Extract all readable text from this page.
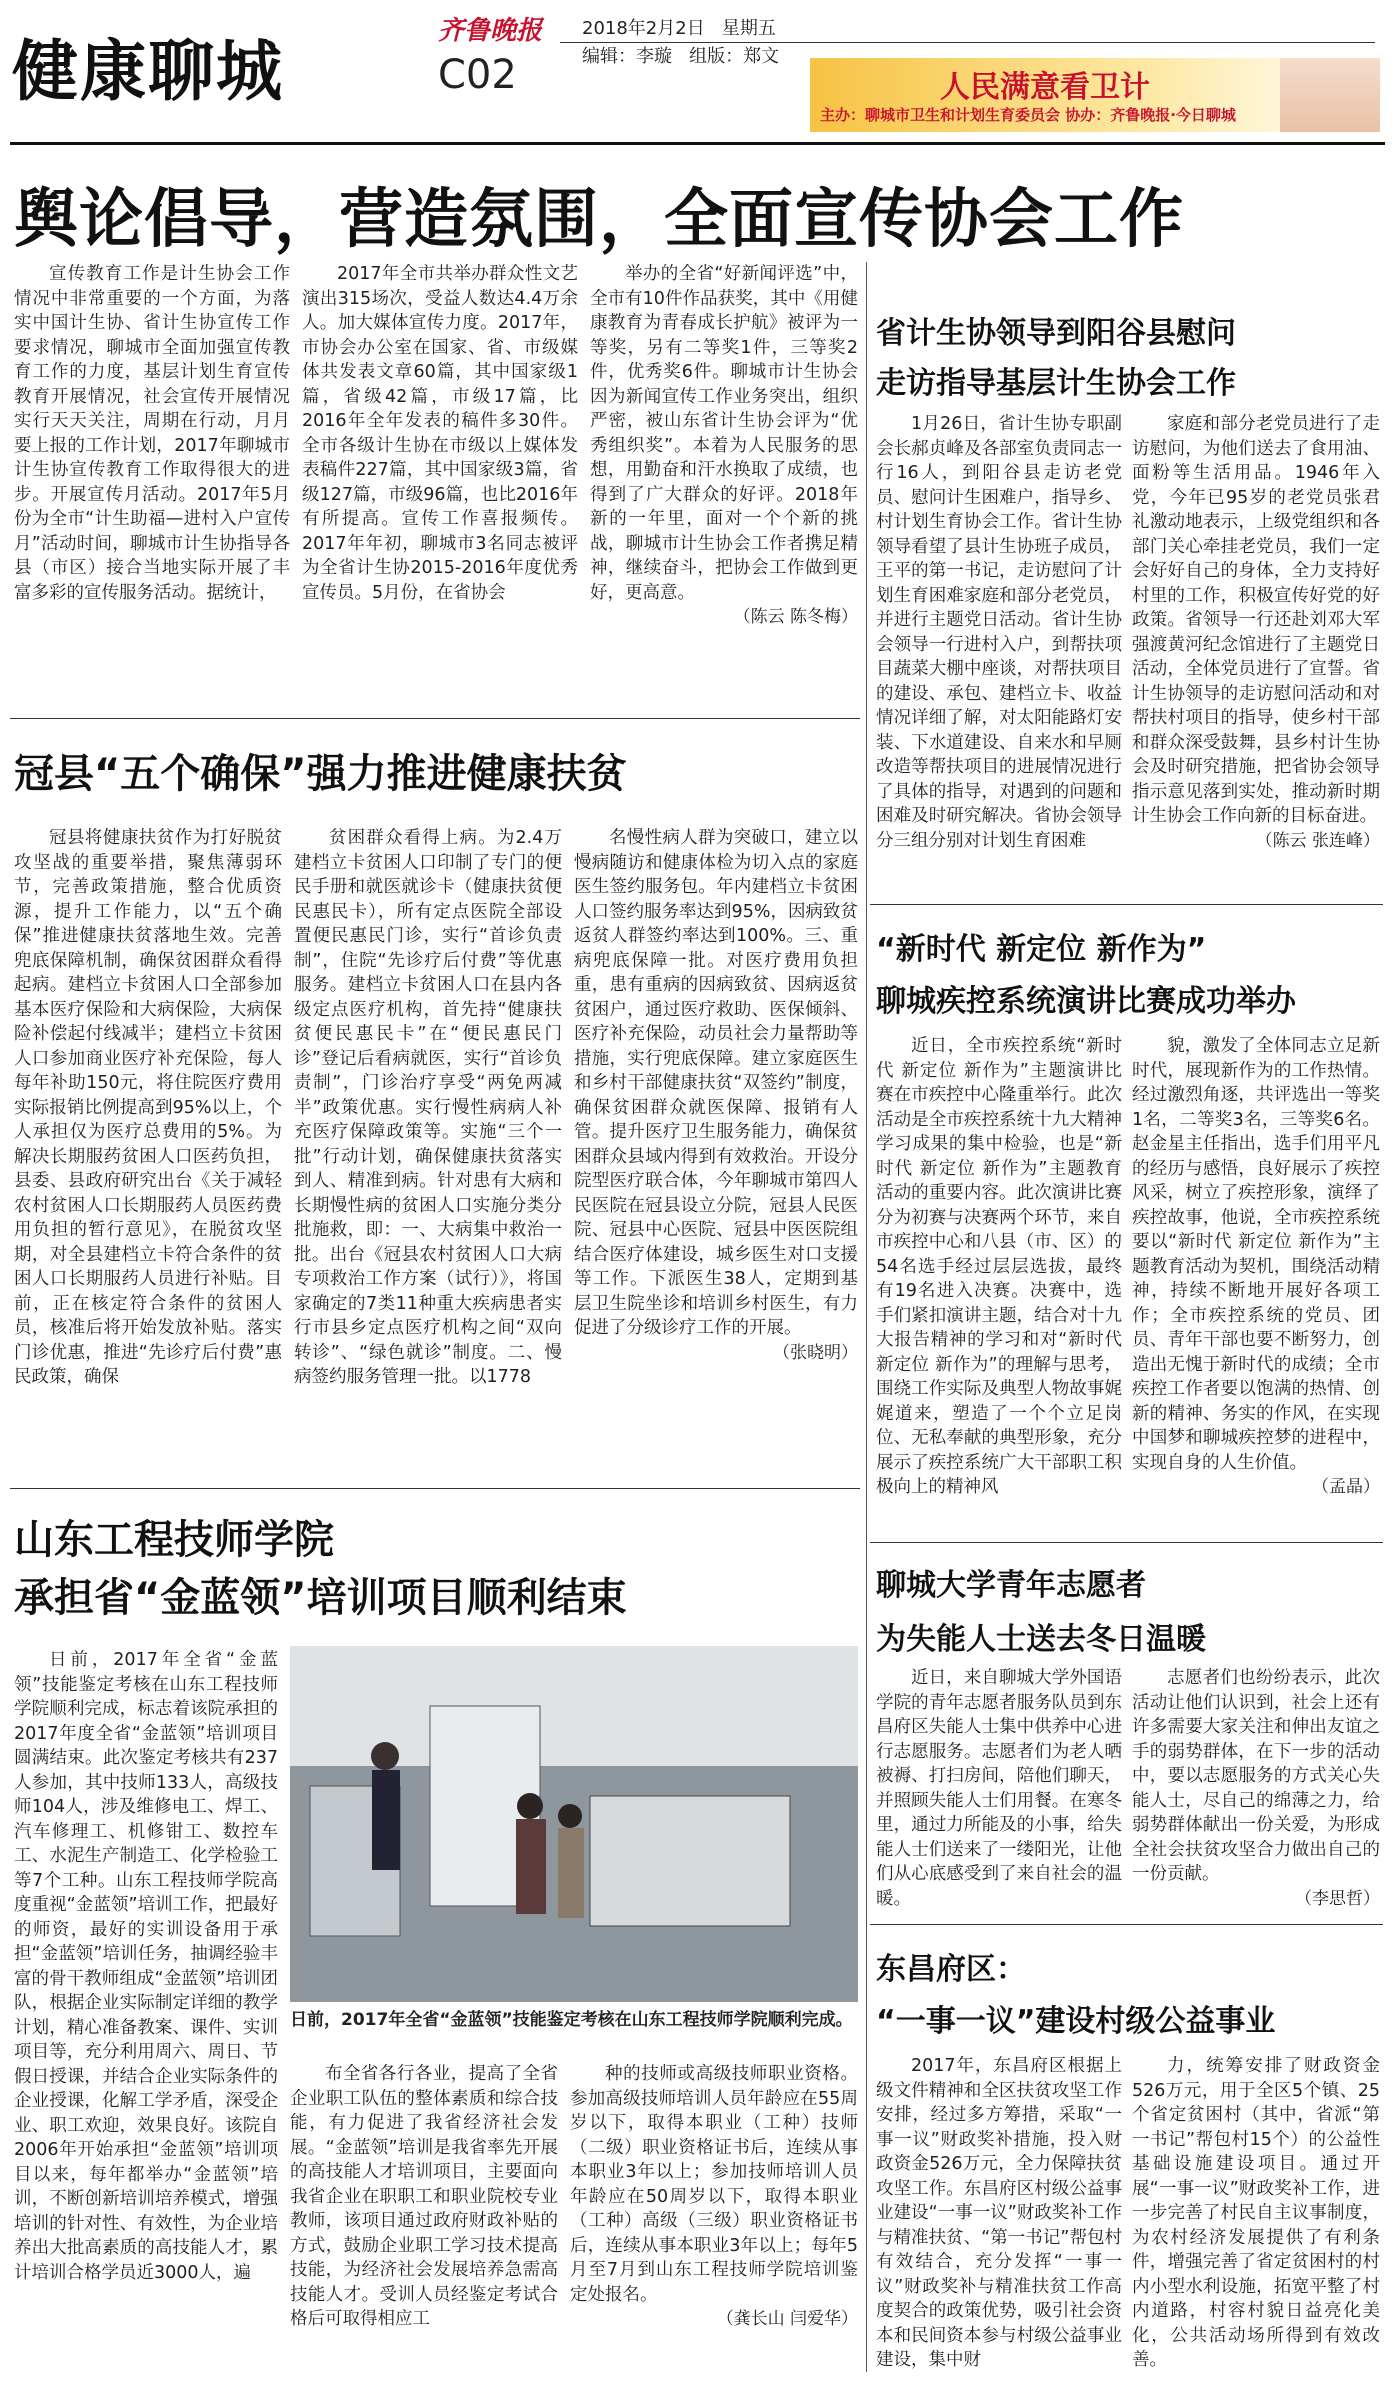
健康聊城
齐鲁晚报
C02
2018年2月2日 星期五
编辑：李璇 组版：郑文
人民满意看卫计
主办：聊城市卫生和计划生育委员会 协办：齐鲁晚报·今日聊城
舆论倡导，营造氛围，全面宣传协会工作

宣传教育工作是计生协会工作情况中非常重要的一个方面，为落实中国计生协、省计生协宣传工作要求情况，聊城市全面加强宣传教育工作的力度，基层计划生育宣传教育开展情况，社会宣传开展情况实行天天关注，周期在行动，月月要上报的工作计划，2017年聊城市计生协宣传教育工作取得很大的进步。开展宣传月活动。2017年5月份为全市“计生助福—进村入户宣传月”活动时间，聊城市计生协指导各县（市区）接合当地实际开展了丰富多彩的宣传服务活动。据统计，

2017年全市共举办群众性文艺演出315场次，受益人数达4.4万余人。加大媒体宣传力度。2017年，市协会办公室在国家、省、市级媒体共发表文章60篇，其中国家级1篇，省级42篇，市级17篇，比2016年全年发表的稿件多30件。全市各级计生协在市级以上媒体发表稿件227篇，其中国家级3篇，省级127篇，市级96篇，也比2016年有所提高。宣传工作喜报频传。2017年年初，聊城市3名同志被评为全省计生协2015-2016年度优秀宣传员。5月份，在省协会

举办的全省“好新闻评选”中，全市有10件作品获奖，其中《用健康教育为青春成长护航》被评为一等奖，另有二等奖1件，三等奖2件，优秀奖6件。聊城市计生协会因为新闻宣传工作业务突出，组织严密，被山东省计生协会评为“优秀组织奖”。本着为人民服务的思想，用勤奋和汗水换取了成绩，也得到了广大群众的好评。2018年新的一年里，面对一个个新的挑战，聊城市计生协会工作者携足精神，继续奋斗，把协会工作做到更好，更高意。

（陈云 陈冬梅）
冠县“五个确保”强力推进健康扶贫

冠县将健康扶贫作为打好脱贫攻坚战的重要举措，聚焦薄弱环节，完善政策措施，整合优质资源，提升工作能力，以“五个确保”推进健康扶贫落地生效。完善兜底保障机制，确保贫困群众看得起病。建档立卡贫困人口全部参加基本医疗保险和大病保险，大病保险补偿起付线减半；建档立卡贫困人口参加商业医疗补充保险，每人每年补助150元，将住院医疗费用实际报销比例提高到95%以上，个人承担仅为医疗总费用的5%。为解决长期服药贫困人口医药负担，县委、县政府研究出台《关于减轻农村贫困人口长期服药人员医药费用负担的暂行意见》，在脱贫攻坚期，对全县建档立卡符合条件的贫困人口长期服药人员进行补贴。目前，正在核定符合条件的贫困人员，核准后将开始发放补贴。落实门诊优惠，推进“先诊疗后付费”惠民政策，确保

贫困群众看得上病。为2.4万建档立卡贫困人口印制了专门的便民手册和就医就诊卡（健康扶贫便民惠民卡），所有定点医院全部设置便民惠民门诊，实行“首诊负责制”，住院“先诊疗后付费”等优惠服务。建档立卡贫困人口在县内各级定点医疗机构，首先持“健康扶贫便民惠民卡”在“便民惠民门诊”登记后看病就医，实行“首诊负责制”，门诊治疗享受“两免两减半”政策优惠。实行慢性病病人补充医疗保障政策等。实施“三个一批”行动计划，确保健康扶贫落实到人、精准到病。针对患有大病和长期慢性病的贫困人口实施分类分批施救，即：一、大病集中救治一批。出台《冠县农村贫困人口大病专项救治工作方案（试行）》，将国家确定的7类11种重大疾病患者实行市县乡定点医疗机构之间“双向转诊”、“绿色就诊”制度。二、慢病签约服务管理一批。以1778

名慢性病人群为突破口，建立以慢病随访和健康体检为切入点的家庭医生签约服务包。年内建档立卡贫困人口签约服务率达到95%，因病致贫返贫人群签约率达到100%。三、重病兜底保障一批。对医疗费用负担重，患有重病的因病致贫、因病返贫贫困户，通过医疗救助、医保倾斜、医疗补充保险，动员社会力量帮助等措施，实行兜底保障。建立家庭医生和乡村干部健康扶贫“双签约”制度，确保贫困群众就医保障、报销有人管。提升医疗卫生服务能力，确保贫困群众县域内得到有效救治。开设分院型医疗联合体，今年聊城市第四人民医院在冠县设立分院，冠县人民医院、冠县中心医院、冠县中医医院组结合医疗体建设，城乡医生对口支援等工作。下派医生38人，定期到基层卫生院坐诊和培训乡村医生，有力促进了分级诊疗工作的开展。

（张晓明）
山东工程技师学院
承担省“金蓝领”培训项目顺利结束

日前，2017年全省“金蓝领”技能鉴定考核在山东工程技师学院顺利完成，标志着该院承担的2017年度全省“金蓝领”培训项目圆满结束。此次鉴定考核共有237人参加，其中技师133人，高级技师104人，涉及维修电工、焊工、汽车修理工、机修钳工、数控车工、水泥生产制造工、化学检验工等7个工种。山东工程技师学院高度重视“金蓝领”培训工作，把最好的师资，最好的实训设备用于承担“金蓝领”培训任务，抽调经验丰富的骨干教师组成“金蓝领”培训团队，根据企业实际制定详细的教学计划，精心准备教案、课件、实训项目等，充分利用周六、周日、节假日授课，并结合企业实际条件的企业授课，化解工学矛盾，深受企业、职工欢迎，效果良好。该院自2006年开始承担“金蓝领”培训项目以来，每年都举办“金蓝领”培训，不断创新培训培养模式，增强培训的针对性、有效性，为企业培养出大批高素质的高技能人才，累计培训合格学员近3000人，遍

日前，2017年全省“金蓝领”技能鉴定考核在山东工程技师学院顺利完成。

布全省各行各业，提高了全省企业职工队伍的整体素质和综合技能，有力促进了我省经济社会发展。“金蓝领”培训是我省率先开展的高技能人才培训项目，主要面向我省企业在职职工和职业院校专业教师，该项目通过政府财政补贴的方式，鼓励企业职工学习技术提高技能，为经济社会发展培养急需高技能人才。受训人员经鉴定考试合格后可取得相应工

种的技师或高级技师职业资格。参加高级技师培训人员年龄应在55周岁以下，取得本职业（工种）技师（二级）职业资格证书后，连续从事本职业3年以上；参加技师培训人员年龄应在50周岁以下，取得本职业（工种）高级（三级）职业资格证书后，连续从事本职业3年以上；每年5月至7月到山东工程技师学院培训鉴定处报名。

（龚长山 闫爱华）
省计生协领导到阳谷县慰问
走访指导基层计生协会工作

1月26日，省计生协专职副会长郝贞峰及各部室负责同志一行16人，到阳谷县走访老党员、慰问计生困难户，指导乡、村计划生育协会工作。省计生协领导看望了县计生协班子成员，王平的第一书记，走访慰问了计划生育困难家庭和部分老党员，并进行主题党日活动。省计生协会领导一行进村入户，到帮扶项目蔬菜大棚中座谈，对帮扶项目的建设、承包、建档立卡、收益情况详细了解，对太阳能路灯安装、下水道建设、自来水和早厕改造等帮扶项目的进展情况进行了具体的指导，对遇到的问题和困难及时研究解决。省协会领导分三组分别对计划生育困难

家庭和部分老党员进行了走访慰问，为他们送去了食用油、面粉等生活用品。1946年入党，今年已95岁的老党员张君礼激动地表示，上级党组织和各部门关心牵挂老党员，我们一定会好好自己的身体，全力支持好村里的工作，积极宣传好党的好政策。省领导一行还赴刘邓大军强渡黄河纪念馆进行了主题党日活动，全体党员进行了宣誓。省计生协领导的走访慰问活动和对帮扶村项目的指导，使乡村干部和群众深受鼓舞，县乡村计生协会及时研究措施，把省协会领导指示意见落到实处，推动新时期计生协会工作向新的目标奋进。

（陈云 张连峰）
“新时代 新定位 新作为”
聊城疾控系统演讲比赛成功举办

近日，全市疾控系统“新时代 新定位 新作为”主题演讲比赛在市疾控中心隆重举行。此次活动是全市疾控系统十九大精神学习成果的集中检验，也是“新时代 新定位 新作为”主题教育活动的重要内容。此次演讲比赛分为初赛与决赛两个环节，来自市疾控中心和八县（市、区）的54名选手经过层层选拔，最终有19名进入决赛。决赛中，选手们紧扣演讲主题，结合对十九大报告精神的学习和对“新时代 新定位 新作为”的理解与思考，围绕工作实际及典型人物故事娓娓道来，塑造了一个个立足岗位、无私奉献的典型形象，充分展示了疾控系统广大干部职工积极向上的精神风

貌，激发了全体同志立足新时代，展现新作为的工作热情。经过激烈角逐，共评选出一等奖1名，二等奖3名，三等奖6名。赵金星主任指出，选手们用平凡的经历与感悟，良好展示了疾控风采，树立了疾控形象，演绎了疾控故事，他说，全市疾控系统要以“新时代 新定位 新作为”主题教育活动为契机，围绕活动精神，持续不断地开展好各项工作；全市疾控系统的党员、团员、青年干部也要不断努力，创造出无愧于新时代的成绩；全市疾控工作者要以饱满的热情、创新的精神、务实的作风，在实现中国梦和聊城疾控梦的进程中，实现自身的人生价值。

（孟晶）
聊城大学青年志愿者
为失能人士送去冬日温暖

近日，来自聊城大学外国语学院的青年志愿者服务队员到东昌府区失能人士集中供养中心进行志愿服务。志愿者们为老人晒被褥、打扫房间，陪他们聊天，并照顾失能人士们用餐。在寒冬里，通过力所能及的小事，给失能人士们送来了一缕阳光，让他们从心底感受到了来自社会的温暖。

志愿者们也纷纷表示，此次活动让他们认识到，社会上还有许多需要大家关注和伸出友谊之手的弱势群体，在下一步的活动中，要以志愿服务的方式关心失能人士，尽自己的绵薄之力，给弱势群体献出一份关爱，为形成全社会扶贫攻坚合力做出自己的一份贡献。

（李思哲）
东昌府区：
“一事一议”建设村级公益事业

2017年，东昌府区根据上级文件精神和全区扶贫攻坚工作安排，经过多方筹措，采取“一事一议”财政奖补措施，投入财政资金526万元，全力保障扶贫攻坚工作。东昌府区村级公益事业建设“一事一议”财政奖补工作与精准扶贫、“第一书记”帮包村有效结合，充分发挥“一事一议”财政奖补与精准扶贫工作高度契合的政策优势，吸引社会资本和民间资本参与村级公益事业建设，集中财

力，统筹安排了财政资金526万元，用于全区5个镇、25个省定贫困村（其中，省派“第一书记”帮包村15个）的公益性基础设施建设项目。通过开展“一事一议”财政奖补工作，进一步完善了村民自主议事制度，为农村经济发展提供了有利条件，增强完善了省定贫困村的村内小型水利设施，拓宽平整了村内道路，村容村貌日益亮化美化，公共活动场所得到有效改善。
